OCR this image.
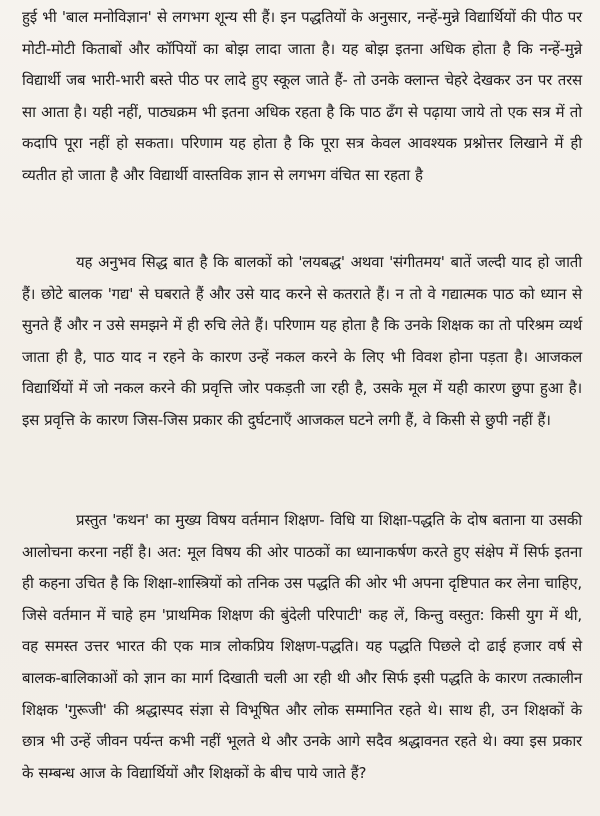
हुई भी 'बाल मनोविज्ञान' से लगभग शून्य सी हैं। इन पद्धतियों के अनुसार, नन्हें-मुन्ने विद्यार्थियों की पीठ पर मोटी-मोटी किताबों और कॉपियों का बोझ लादा जाता है। यह बोझ इतना अधिक होता है कि नन्हें-मुन्ने विद्यार्थी जब भारी-भारी बस्ते पीठ पर लादे हुए स्कूल जाते हैं- तो उनके क्लान्त चेहरे देखकर उन पर तरस सा आता है। यही नहीं, पाठ्यक्रम भी इतना अधिक रहता है कि पाठ ढँग से पढ़ाया जाये तो एक सत्र में तो कदापि पूरा नहीं हो सकता। परिणाम यह होता है कि पूरा सत्र केवल आवश्यक प्रश्नोत्तर लिखाने में ही व्यतीत हो जाता है और विद्यार्थी वास्तविक ज्ञान से लगभग वंचित सा रहता है

यह अनुभव सिद्ध बात है कि बालकों को 'लयबद्ध' अथवा 'संगीतमय' बातें जल्दी याद हो जाती हैं। छोटे बालक 'गद्य' से घबराते हैं और उसे याद करने से कतराते हैं। न तो वे गद्यात्मक पाठ को ध्यान से सुनते हैं और न उसे समझने में ही रुचि लेते हैं। परिणाम यह होता है कि उनके शिक्षक का तो परिश्रम व्यर्थ जाता ही है, पाठ याद न रहने के कारण उन्हें नकल करने के लिए भी विवश होना पड़ता है। आजकल विद्यार्थियों में जो नकल करने की प्रवृत्ति जोर पकड़ती जा रही है, उसके मूल में यही कारण छुपा हुआ है। इस प्रवृत्ति के कारण जिस-जिस प्रकार की दुर्घटनाएँ आजकल घटने लगी हैं, वे किसी से छुपी नहीं हैं।

प्रस्तुत 'कथन' का मुख्य विषय वर्तमान शिक्षण- विधि या शिक्षा-पद्धति के दोष बताना या उसकी आलोचना करना नहीं है। अत: मूल विषय की ओर पाठकों का ध्यानाकर्षण करते हुए संक्षेप में सिर्फ इतना ही कहना उचित है कि शिक्षा-शास्त्रियों को तनिक उस पद्धति की ओर भी अपना दृष्टिपात कर लेना चाहिए, जिसे वर्तमान में चाहे हम 'प्राथमिक शिक्षण की बुंदेली परिपाटी' कह लें, किन्तु वस्तुत: किसी युग में थी, वह समस्त उत्तर भारत की एक मात्र लोकप्रिय शिक्षण-पद्धति। यह पद्धति पिछले दो ढाई हजार वर्ष से बालक-बालिकाओं को ज्ञान का मार्ग दिखाती चली आ रही थी और सिर्फ इसी पद्धति के कारण तत्कालीन शिक्षक 'गुरूजी' की श्रद्धास्पद संज्ञा से विभूषित और लोक सम्मानित रहते थे। साथ ही, उन शिक्षकों के छात्र भी उन्हें जीवन पर्यन्त कभी नहीं भूलते थे और उनके आगे सदैव श्रद्धावनत रहते थे। क्या इस प्रकार के सम्बन्ध आज के विद्यार्थियों और शिक्षकों के बीच पाये जाते हैं?
